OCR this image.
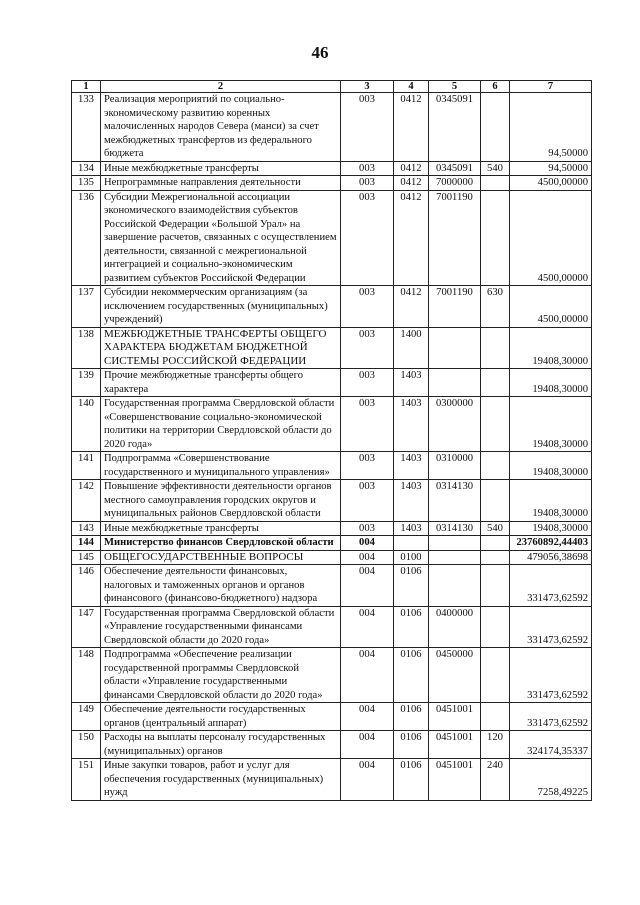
46
1	2	3	4	5	6	7
133	Реализация мероприятий по социально-экономическому развитию коренных малочисленных народов Севера (манси) за счет межбюджетных трансфертов из федерального бюджета	003	0412	0345091		94,50000
134	Иные межбюджетные трансферты	003	0412	0345091	540	94,50000
135	Непрограммные направления деятельности	003	0412	7000000		4500,00000
136	Субсидии Межрегиональной ассоциации экономического взаимодействия субъектов Российской Федерации «Большой Урал» на завершение расчетов, связанных с осуществлением деятельности, связанной с межрегиональной интеграцией и социально-экономическим развитием субъектов Российской Федерации	003	0412	7001190		4500,00000
137	Субсидии некоммерческим организациям (за исключением государственных (муниципальных) учреждений)	003	0412	7001190	630	4500,00000
138	МЕЖБЮДЖЕТНЫЕ ТРАНСФЕРТЫ ОБЩЕГО ХАРАКТЕРА БЮДЖЕТАМ БЮДЖЕТНОЙ СИСТЕМЫ РОССИЙСКОЙ ФЕДЕРАЦИИ	003	1400			19408,30000
139	Прочие межбюджетные трансферты общего характера	003	1403			19408,30000
140	Государственная программа Свердловской области «Совершенствование социально-экономической политики на территории Свердловской области до 2020 года»	003	1403	0300000		19408,30000
141	Подпрограмма «Совершенствование государственного и муниципального управления»	003	1403	0310000		19408,30000
142	Повышение эффективности деятельности органов местного самоуправления городских округов и муниципальных районов Свердловской области	003	1403	0314130		19408,30000
143	Иные межбюджетные трансферты	003	1403	0314130	540	19408,30000
144	Министерство финансов Свердловской области	004				23760892,44403
145	ОБЩЕГОСУДАРСТВЕННЫЕ ВОПРОСЫ	004	0100			479056,38698
146	Обеспечение деятельности финансовых, налоговых и таможенных органов и органов финансового (финансово-бюджетного) надзора	004	0106			331473,62592
147	Государственная программа Свердловской области «Управление государственными финансами Свердловской области до 2020 года»	004	0106	0400000		331473,62592
148	Подпрограмма «Обеспечение реализации государственной программы Свердловской области «Управление государственными финансами Свердловской области до 2020 года»	004	0106	0450000		331473,62592
149	Обеспечение деятельности государственных органов (центральный аппарат)	004	0106	0451001		331473,62592
150	Расходы на выплаты персоналу государственных (муниципальных) органов	004	0106	0451001	120	324174,35337
151	Иные закупки товаров, работ и услуг для обеспечения государственных (муниципальных) нужд	004	0106	0451001	240	7258,49225
